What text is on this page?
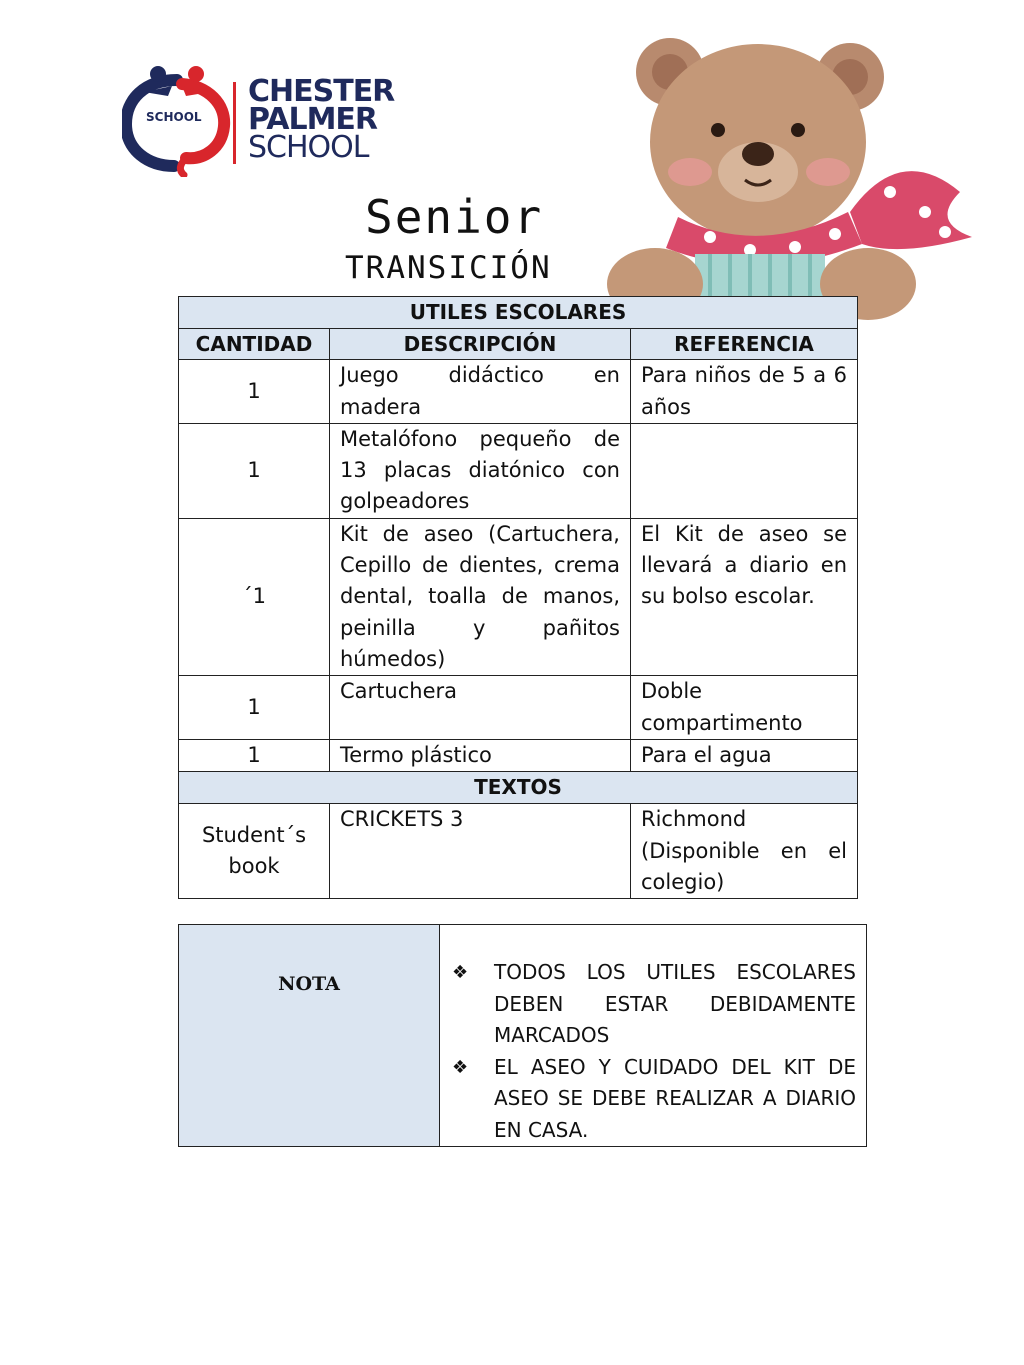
SCHOOL
CHESTER
PALMER
SCHOOL
Senior
TRANSICIÓN
UTILES ESCOLARES		
CANTIDAD	DESCRIPCIÓN	REFERENCIA
1	Juego didáctico en madera	Para niños de 5 a 6 años
1	Metalófono pequeño de 13 placas diatónico con golpeadores	
´1	Kit de aseo (Cartuchera, Cepillo de dientes, crema dental, toalla de manos, peinilla y pañitos húmedos)	El Kit de aseo se llevará a diario en su bolso escolar.
1	Cartuchera	Doble compartimento
1	Termo plástico	Para el agua
TEXTOS		
Student´s book	CRICKETS 3	Richmond (Disponible en el colegio)
NOTA	
❖ TODOS LOS UTILES ESCOLARES DEBEN ESTAR DEBIDAMENTE MARCADOS
❖ EL ASEO Y CUIDADO DEL KIT DE ASEO SE DEBE REALIZAR A DIARIO EN CASA.
